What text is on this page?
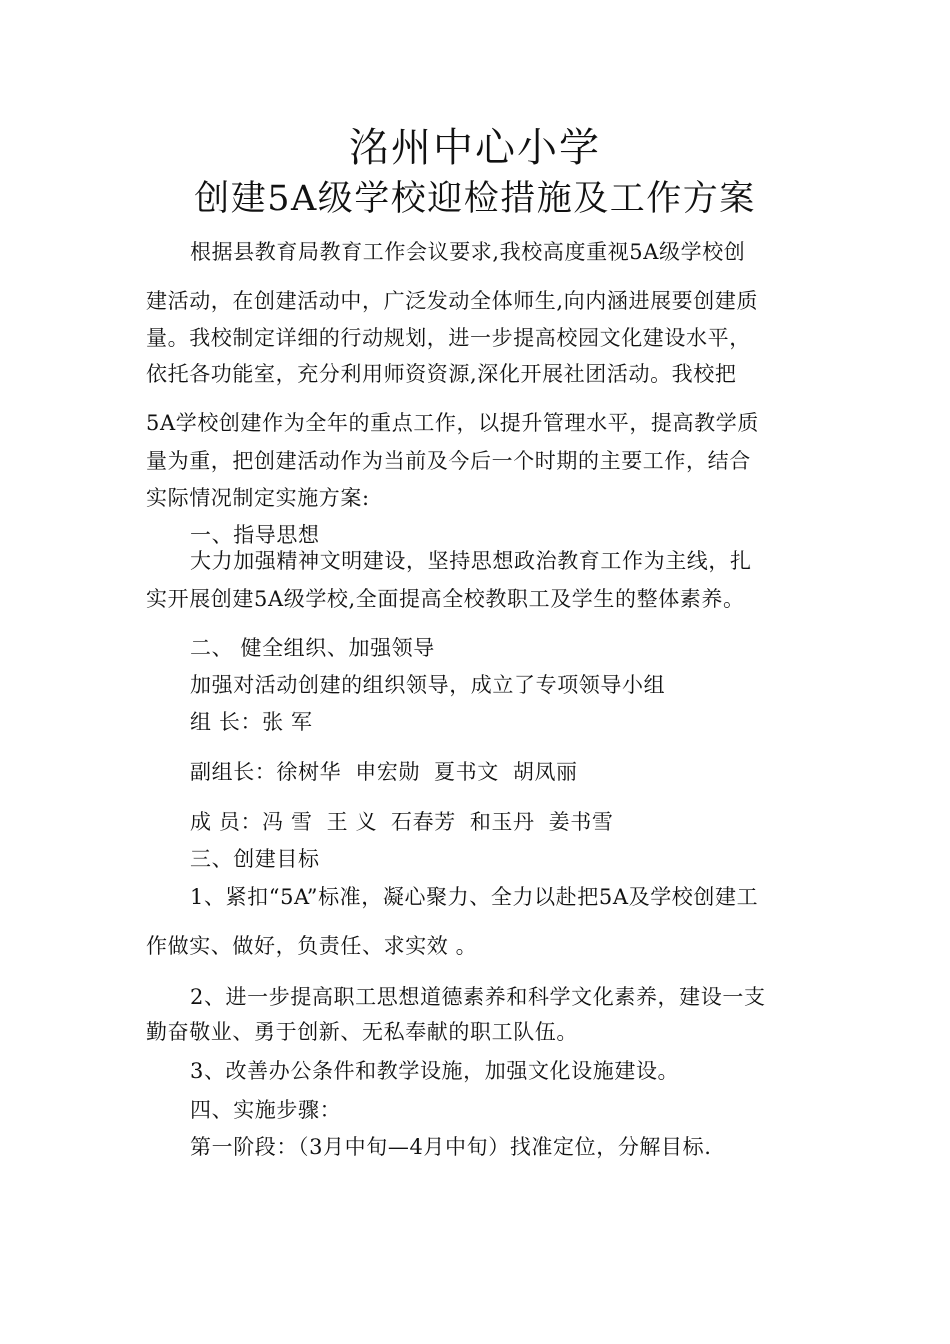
洺州中心小学
创建5A级学校迎检措施及工作方案
根据县教育局教育工作会议要求,我校高度重视5A级学校创
建活动，在创建活动中，广泛发动全体师生,向内涵进展要创建质
量。我校制定详细的行动规划，进一步提高校园文化建设水平，
依托各功能室，充分利用师资资源,深化开展社团活动。我校把
5A学校创建作为全年的重点工作，以提升管理水平，提高教学质
量为重，把创建活动作为当前及今后一个时期的主要工作，结合
实际情况制定实施方案:
一、指导思想
大力加强精神文明建设，坚持思想政治教育工作为主线，扎
实开展创建5A级学校,全面提高全校教职工及学生的整体素养。
二、 健全组织、加强领导
加强对活动创建的组织领导，成立了专项领导小组
组 长：张 军
副组长：徐树华 申宏勋 夏书文 胡凤丽
成 员：冯 雪 王 义 石春芳 和玉丹 姜书雪
三、创建目标
1、紧扣“5A”标准，凝心聚力、全力以赴把5A及学校创建工
作做实、做好，负责任、求实效 。
2、进一步提高职工思想道德素养和科学文化素养，建设一支
勤奋敬业、勇于创新、无私奉献的职工队伍。
3、改善办公条件和教学设施，加强文化设施建设。
四、实施步骤：
第一阶段：（3月中旬—4月中旬）找准定位，分解目标.
